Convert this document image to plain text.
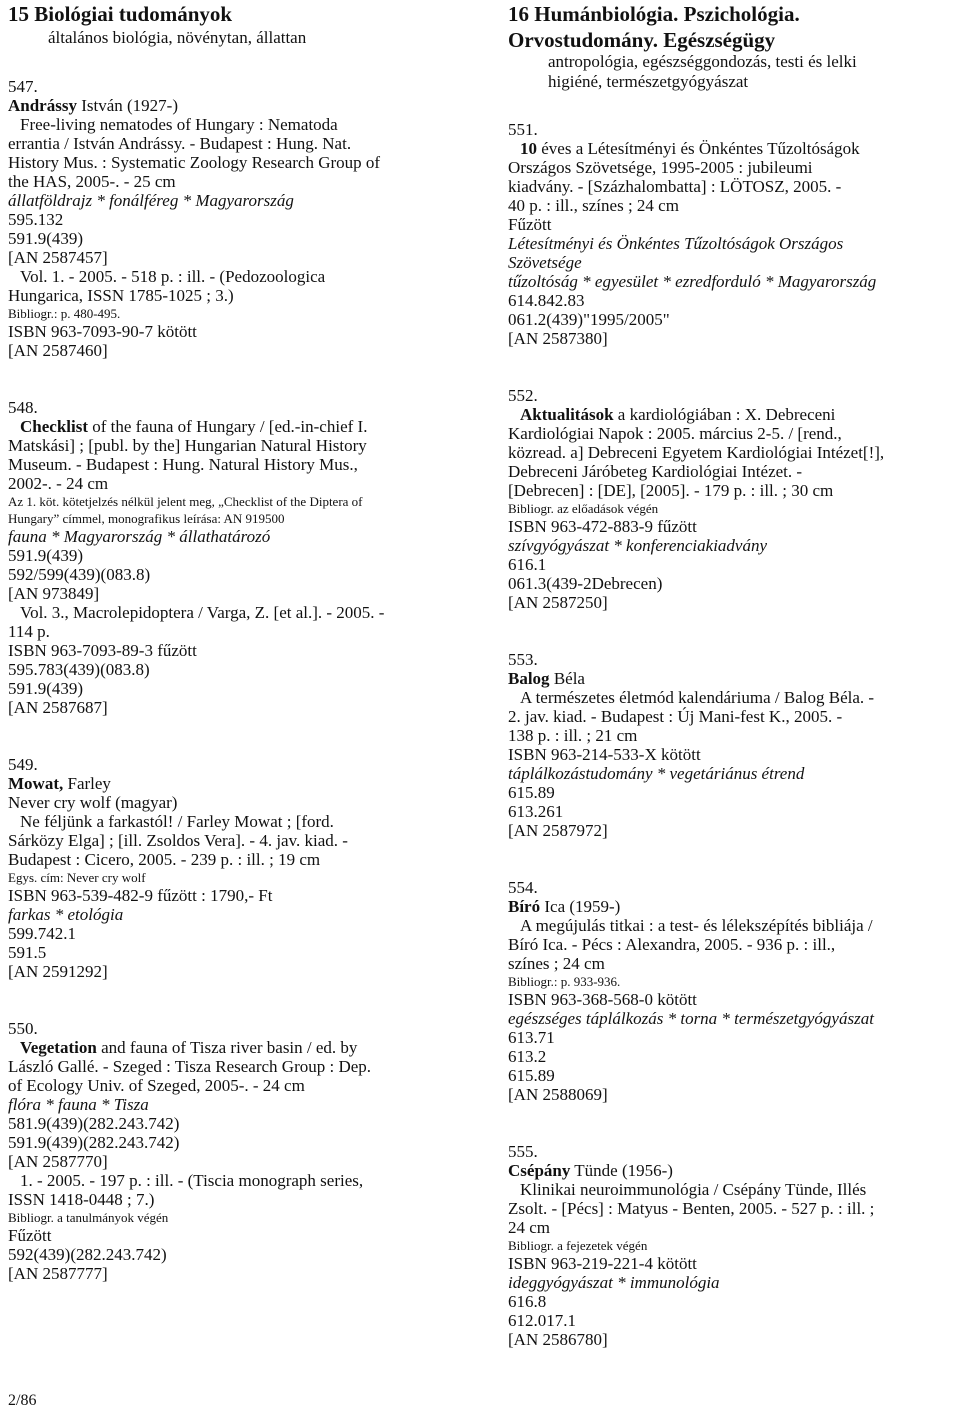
15 Biológiai tudományok
általános biológia, növénytan, állattan
547.
Andrássy István (1927-)
Free-living nematodes of Hungary : Nematoda
errantia / István Andrássy. - Budapest : Hung. Nat.
History Mus. : Systematic Zoology Research Group of
the HAS, 2005-. - 25 cm
állatföldrajz * fonálféreg * Magyarország
595.132
591.9(439)
[AN 2587457]
Vol. 1. - 2005. - 518 p. : ill. - (Pedozoologica
Hungarica, ISSN 1785-1025 ; 3.)
Bibliogr.: p. 480-495.
ISBN 963-7093-90-7 kötött
[AN 2587460]
548.
Checklist of the fauna of Hungary / [ed.-in-chief I.
Matskási] ; [publ. by the] Hungarian Natural History
Museum. - Budapest : Hung. Natural History Mus.,
2002-. - 24 cm
Az 1. köt. kötetjelzés nélkül jelent meg, „Checklist of the Diptera of
Hungary” címmel, monografikus leírása: AN 919500
fauna * Magyarország * állathatározó
591.9(439)
592/599(439)(083.8)
[AN 973849]
Vol. 3., Macrolepidoptera / Varga, Z. [et al.]. - 2005. -
114 p.
ISBN 963-7093-89-3 fűzött
595.783(439)(083.8)
591.9(439)
[AN 2587687]
549.
Mowat, Farley
Never cry wolf (magyar)
Ne féljünk a farkastól! / Farley Mowat ; [ford.
Sárközy Elga] ; [ill. Zsoldos Vera]. - 4. jav. kiad. -
Budapest : Cicero, 2005. - 239 p. : ill. ; 19 cm
Egys. cím: Never cry wolf
ISBN 963-539-482-9 fűzött : 1790,- Ft
farkas * etológia
599.742.1
591.5
[AN 2591292]
550.
Vegetation and fauna of Tisza river basin / ed. by
László Gallé. - Szeged : Tisza Research Group : Dep.
of Ecology Univ. of Szeged, 2005-. - 24 cm
flóra * fauna * Tisza
581.9(439)(282.243.742)
591.9(439)(282.243.742)
[AN 2587770]
1. - 2005. - 197 p. : ill. - (Tiscia monograph series,
ISSN 1418-0448 ; 7.)
Bibliogr. a tanulmányok végén
Fűzött
592(439)(282.243.742)
[AN 2587777]
16 Humánbiológia. Pszichológia.
Orvostudomány. Egészségügy
antropológia, egészséggondozás, testi és lelki
higiéné, természetgyógyászat
551.
10 éves a Létesítményi és Önkéntes Tűzoltóságok
Országos Szövetsége, 1995-2005 : jubileumi
kiadvány. - [Százhalombatta] : LÖTOSZ, 2005. -
40 p. : ill., színes ; 24 cm
Fűzött
Létesítményi és Önkéntes Tűzoltóságok Országos
Szövetsége
tűzoltóság * egyesület * ezredforduló * Magyarország
614.842.83
061.2(439)"1995/2005"
[AN 2587380]
552.
Aktualitások a kardiológiában : X. Debreceni
Kardiológiai Napok : 2005. március 2-5. / [rend.,
közread. a] Debreceni Egyetem Kardiológiai Intézet[!],
Debreceni Járóbeteg Kardiológiai Intézet. -
[Debrecen] : [DE], [2005]. - 179 p. : ill. ; 30 cm
Bibliogr. az előadások végén
ISBN 963-472-883-9 fűzött
szívgyógyászat * konferenciakiadvány
616.1
061.3(439-2Debrecen)
[AN 2587250]
553.
Balog Béla
A természetes életmód kalendáriuma / Balog Béla. -
2. jav. kiad. - Budapest : Új Mani-fest K., 2005. -
138 p. : ill. ; 21 cm
ISBN 963-214-533-X kötött
táplálkozástudomány * vegetáriánus étrend
615.89
613.261
[AN 2587972]
554.
Bíró Ica (1959-)
A megújulás titkai : a test- és lélekszépítés bibliája /
Bíró Ica. - Pécs : Alexandra, 2005. - 936 p. : ill.,
színes ; 24 cm
Bibliogr.: p. 933-936.
ISBN 963-368-568-0 kötött
egészséges táplálkozás * torna * természetgyógyászat
613.71
613.2
615.89
[AN 2588069]
555.
Csépány Tünde (1956-)
Klinikai neuroimmunológia / Csépány Tünde, Illés
Zsolt. - [Pécs] : Matyus - Benten, 2005. - 527 p. : ill. ;
24 cm
Bibliogr. a fejezetek végén
ISBN 963-219-221-4 kötött
ideggyógyászat * immunológia
616.8
612.017.1
[AN 2586780]
2/86
